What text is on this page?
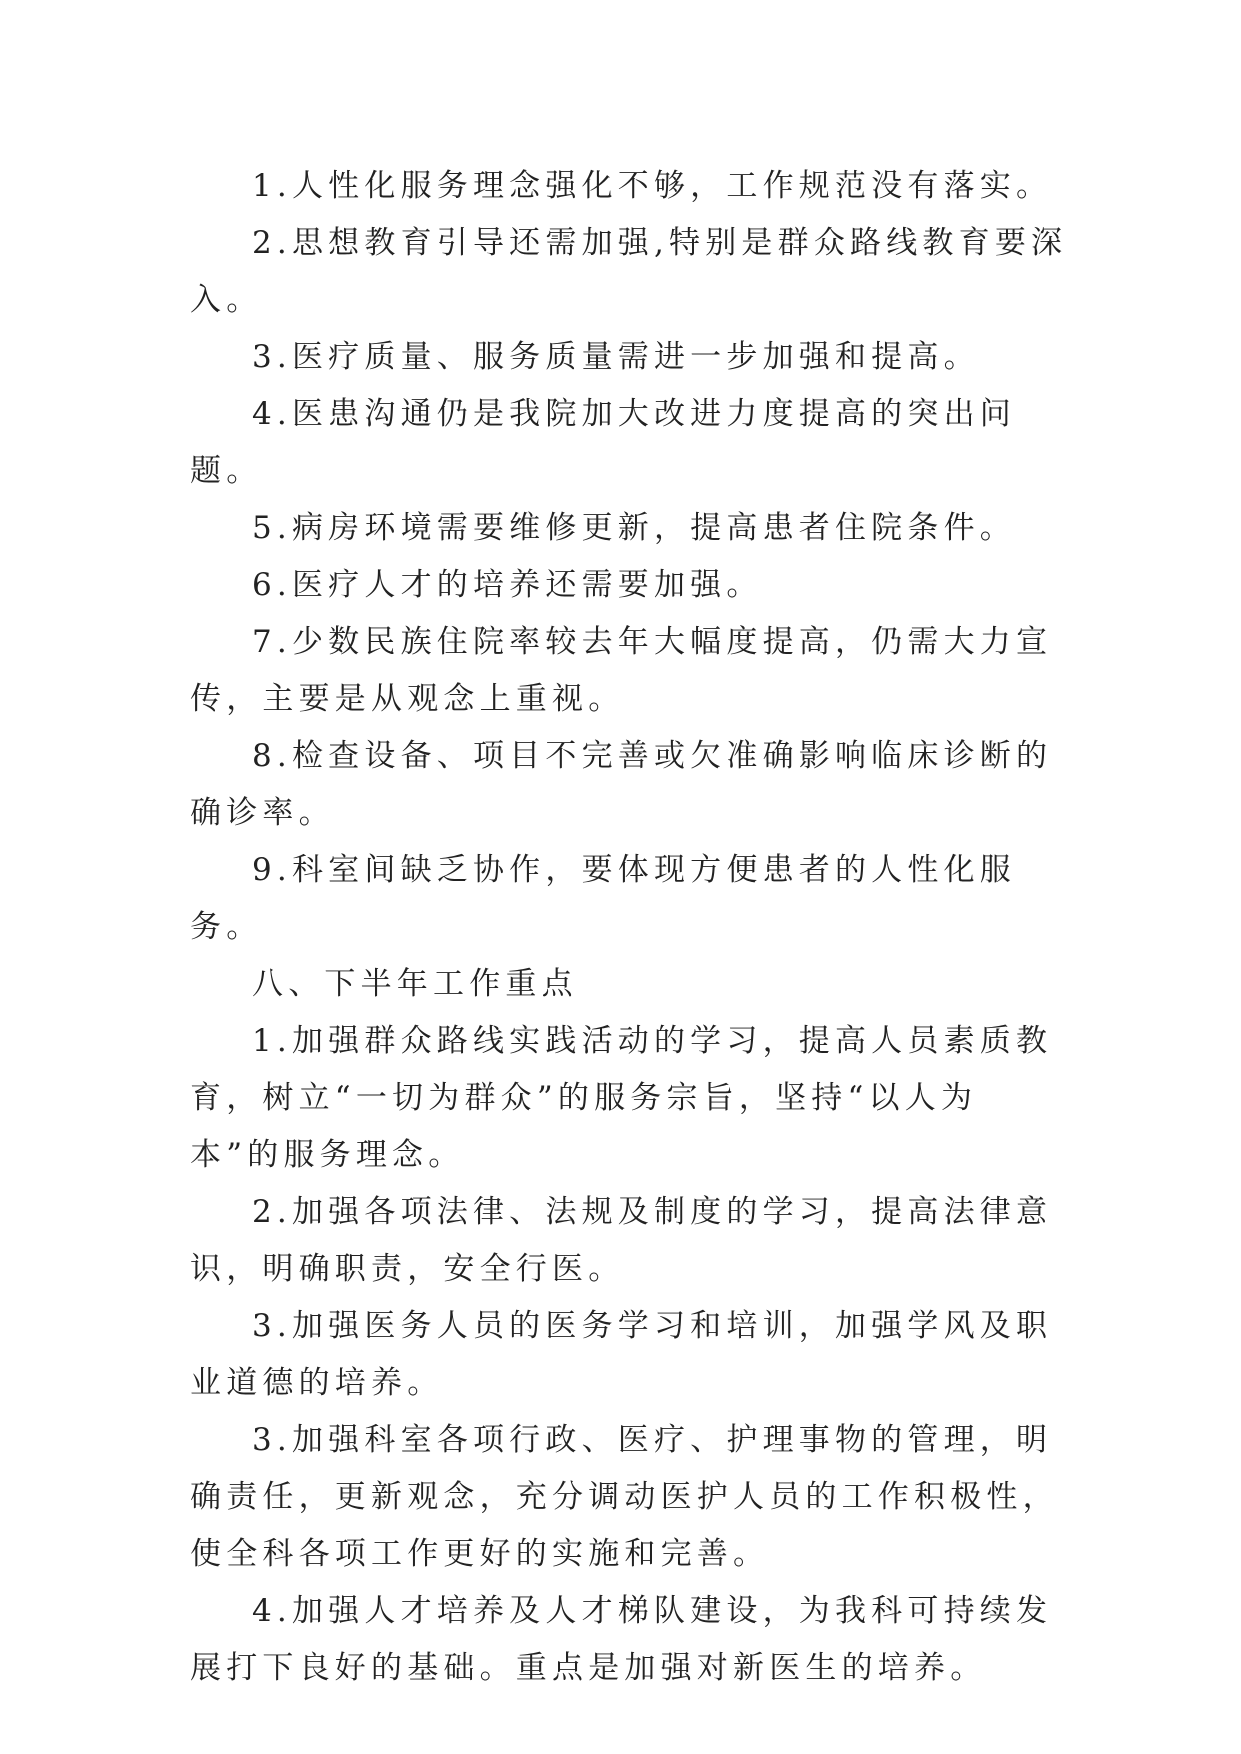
1.人性化服务理念强化不够，工作规范没有落实。

2.思想教育引导还需加强,特别是群众路线教育要深入。

3.医疗质量、服务质量需进一步加强和提高。

4.医患沟通仍是我院加大改进力度提高的突出问题。

5.病房环境需要维修更新，提高患者住院条件。

6.医疗人才的培养还需要加强。

7.少数民族住院率较去年大幅度提高，仍需大力宣传，主要是从观念上重视。

8.检查设备、项目不完善或欠准确影响临床诊断的确诊率。

9.科室间缺乏协作，要体现方便患者的人性化服务。

八、下半年工作重点

1.加强群众路线实践活动的学习，提高人员素质教育，树立“一切为群众”的服务宗旨，坚持“以人为本”的服务理念。

2.加强各项法律、法规及制度的学习，提高法律意识，明确职责，安全行医。

3.加强医务人员的医务学习和培训，加强学风及职业道德的培养。

3.加强科室各项行政、医疗、护理事物的管理，明确责任，更新观念，充分调动医护人员的工作积极性，使全科各项工作更好的实施和完善。

4.加强人才培养及人才梯队建设，为我科可持续发展打下良好的基础。重点是加强对新医生的培养。
